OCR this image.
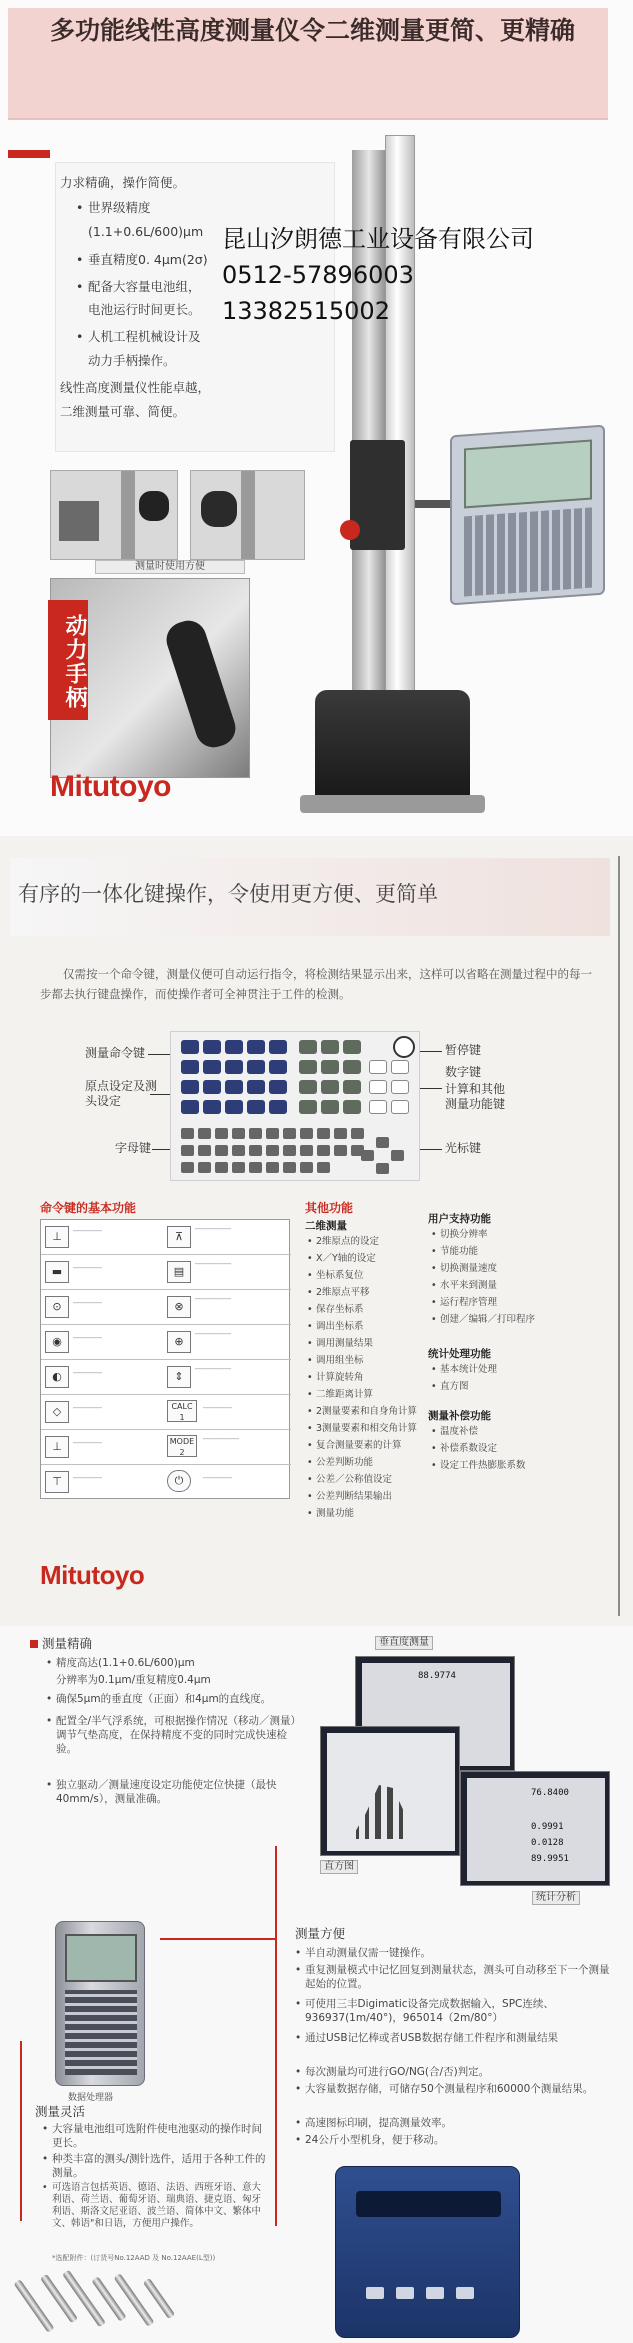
多功能线性高度测量仪令二维测量更简、更精确
力求精确，操作简便。
• 世界级精度
(1.1+0.6L/600)μm
• 垂直精度0. 4μm(2σ)
• 配备大容量电池组，
电池运行时间更长。
• 人机工程机械设计及
动力手柄操作。
线性高度测量仪性能卓越，
二维测量可靠、简便。
昆山汐朗德工业设备有限公司
0512-57896003
13382515002
测量时使用方便
动力手柄
Mitutoyo
有序的一体化键操作，令使用更方便、更简单
仅需按一个命令键，测量仪便可自动运行指令，将检测结果显示出来，这样可以省略在测量过程中的每一步都去执行键盘操作，而使操作者可全神贯注于工件的检测。
测量命令键
原点设定及测头设定
字母键
暂停键
数字键
计算和其他
测量功能键
光标键
命令键的基本功能
⊥	────────	⊼
──────────
▬	────────	▤
──────────
⊙	────────	⊗
──────────
◉	────────	⊕
──────────
◐	────────	⇕
──────────
◇	────────	CALC
1
────────
⊥	────────	MODE
2
──────────
⊤	────────	⏻	────────
其他功能
二维测量
• 2维原点的设定
• X／Y轴的设定
• 坐标系复位
• 2维原点平移
• 保存坐标系
• 调出坐标系
• 调用测量结果
• 调用组坐标
• 计算旋转角
• 二维距离计算
• 2测量要素和自身角计算
• 3测量要素和相交角计算
• 复合测量要素的计算
• 公差判断功能
• 公差／公称值设定
• 公差判断结果输出
• 测量功能
用户支持功能
• 切换分辨率
• 节能功能
• 切换测量速度
• 水平来到测量
• 运行程序管理
• 创建／编辑／打印程序
统计处理功能
• 基本统计处理
• 直方图
测量补偿功能
• 温度补偿
• 补偿系数设定
• 设定工件热膨胀系数
Mitutoyo
测量精确
• 精度高达(1.1+0.6L/600)μm
分辨率为0.1μm/重复精度0.4μm
• 确保5μm的垂直度（正面）和4μm的直线度。
• 配置全/半气浮系统，可根据操作情况（移动／测量）调节气垫高度，在保持精度不变的同时完成快速检验。
• 独立驱动／测量速度设定功能使定位快捷（最快40mm/s），测量准确。
垂直度测量
88.9774
直方图
76.8400
0.9991
0.0128
89.9951
统计分析
数据处理器
测量方便
• 半自动测量仅需一键操作。
• 重复测量模式中记忆回复到测量状态，测头可自动移至下一个测量起始的位置。
• 可使用三丰Digimatic设备完成数据输入，SPC连续、936937(1m/40°)，965014（2m/80°）
• 通过USB记忆棒或者USB数据存储工件程序和测量结果
• 每次测量均可进行GO/NG(合/否)判定。
• 大容量数据存储，可储存50个测量程序和60000个测量结果。
• 高速图标印刷，提高测量效率。
• 24公斤小型机身，便于移动。
测量灵活
• 大容量电池组可选附件使电池驱动的操作时间更长。
• 种类丰富的测头/测针选件，适用于各种工件的测量。
• 可选语言包括英语、德语、法语、西班牙语、意大利语、荷兰语、葡萄牙语、瑞典语、捷克语、匈牙利语、斯洛文尼亚语、波兰语、简体中文、繁体中文、韩语"和日语，方便用户操作。
*选配附件：(订货号No.12AAD 及 No.12AAE(L型))
